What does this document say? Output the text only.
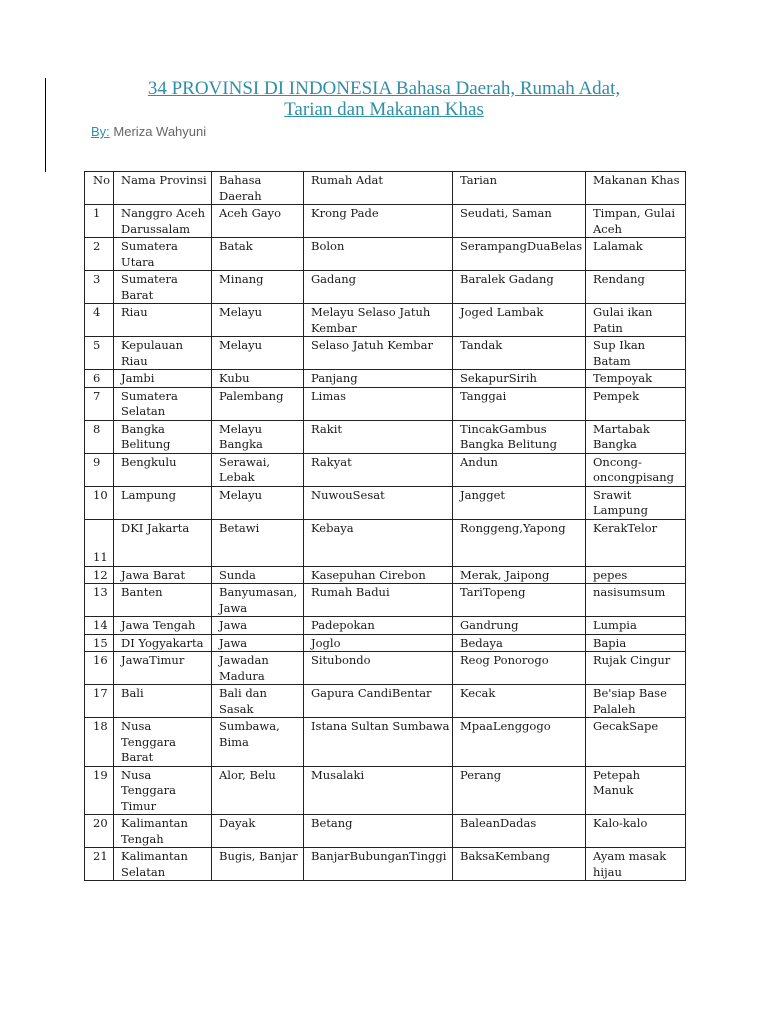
34 PROVINSI DI INDONESIA Bahasa Daerah, Rumah Adat,
Tarian dan Makanan Khas
By: Meriza Wahyuni
No	Nama Provinsi	Bahasa Daerah	Rumah Adat	Tarian	Makanan Khas
1	Nanggro Aceh Darussalam	Aceh Gayo	Krong Pade	Seudati, Saman	Timpan, Gulai Aceh
2	Sumatera Utara	Batak	Bolon	SerampangDuaBelas	Lalamak
3	Sumatera Barat	Minang	Gadang	Baralek Gadang	Rendang
4	Riau	Melayu	Melayu Selaso Jatuh Kembar	Joged Lambak	Gulai ikan Patin
5	Kepulauan Riau	Melayu	Selaso Jatuh Kembar	Tandak	Sup Ikan Batam
6	Jambi	Kubu	Panjang	SekapurSirih	Tempoyak
7	Sumatera Selatan	Palembang	Limas	Tanggai	Pempek
8	Bangka Belitung	Melayu Bangka	Rakit	TincakGambus Bangka Belitung	Martabak Bangka
9	Bengkulu	Serawai, Lebak	Rakyat	Andun	Oncong-oncongpisang
10	Lampung	Melayu	NuwouSesat	Jangget	Srawit Lampung
11	DKI Jakarta	Betawi	Kebaya	Ronggeng,Yapong	KerakTelor
12	Jawa Barat	Sunda	Kasepuhan Cirebon	Merak, Jaipong	pepes
13	Banten	Banyumasan, Jawa	Rumah Badui	TariTopeng	nasisumsum
14	Jawa Tengah	Jawa	Padepokan	Gandrung	Lumpia
15	DI Yogyakarta	Jawa	Joglo	Bedaya	Bapia
16	JawaTimur	Jawadan Madura	Situbondo	Reog Ponorogo	Rujak Cingur
17	Bali	Bali dan Sasak	Gapura CandiBentar	Kecak	Be'siap Base Palaleh
18	Nusa Tenggara Barat	Sumbawa, Bima	Istana Sultan Sumbawa	MpaaLenggogo	GecakSape
19	Nusa Tenggara Timur	Alor, Belu	Musalaki	Perang	Petepah Manuk
20	Kalimantan Tengah	Dayak	Betang	BaleanDadas	Kalo-kalo
21	Kalimantan Selatan	Bugis, Banjar	BanjarBubunganTinggi	BaksaKembang	Ayam masak hijau
